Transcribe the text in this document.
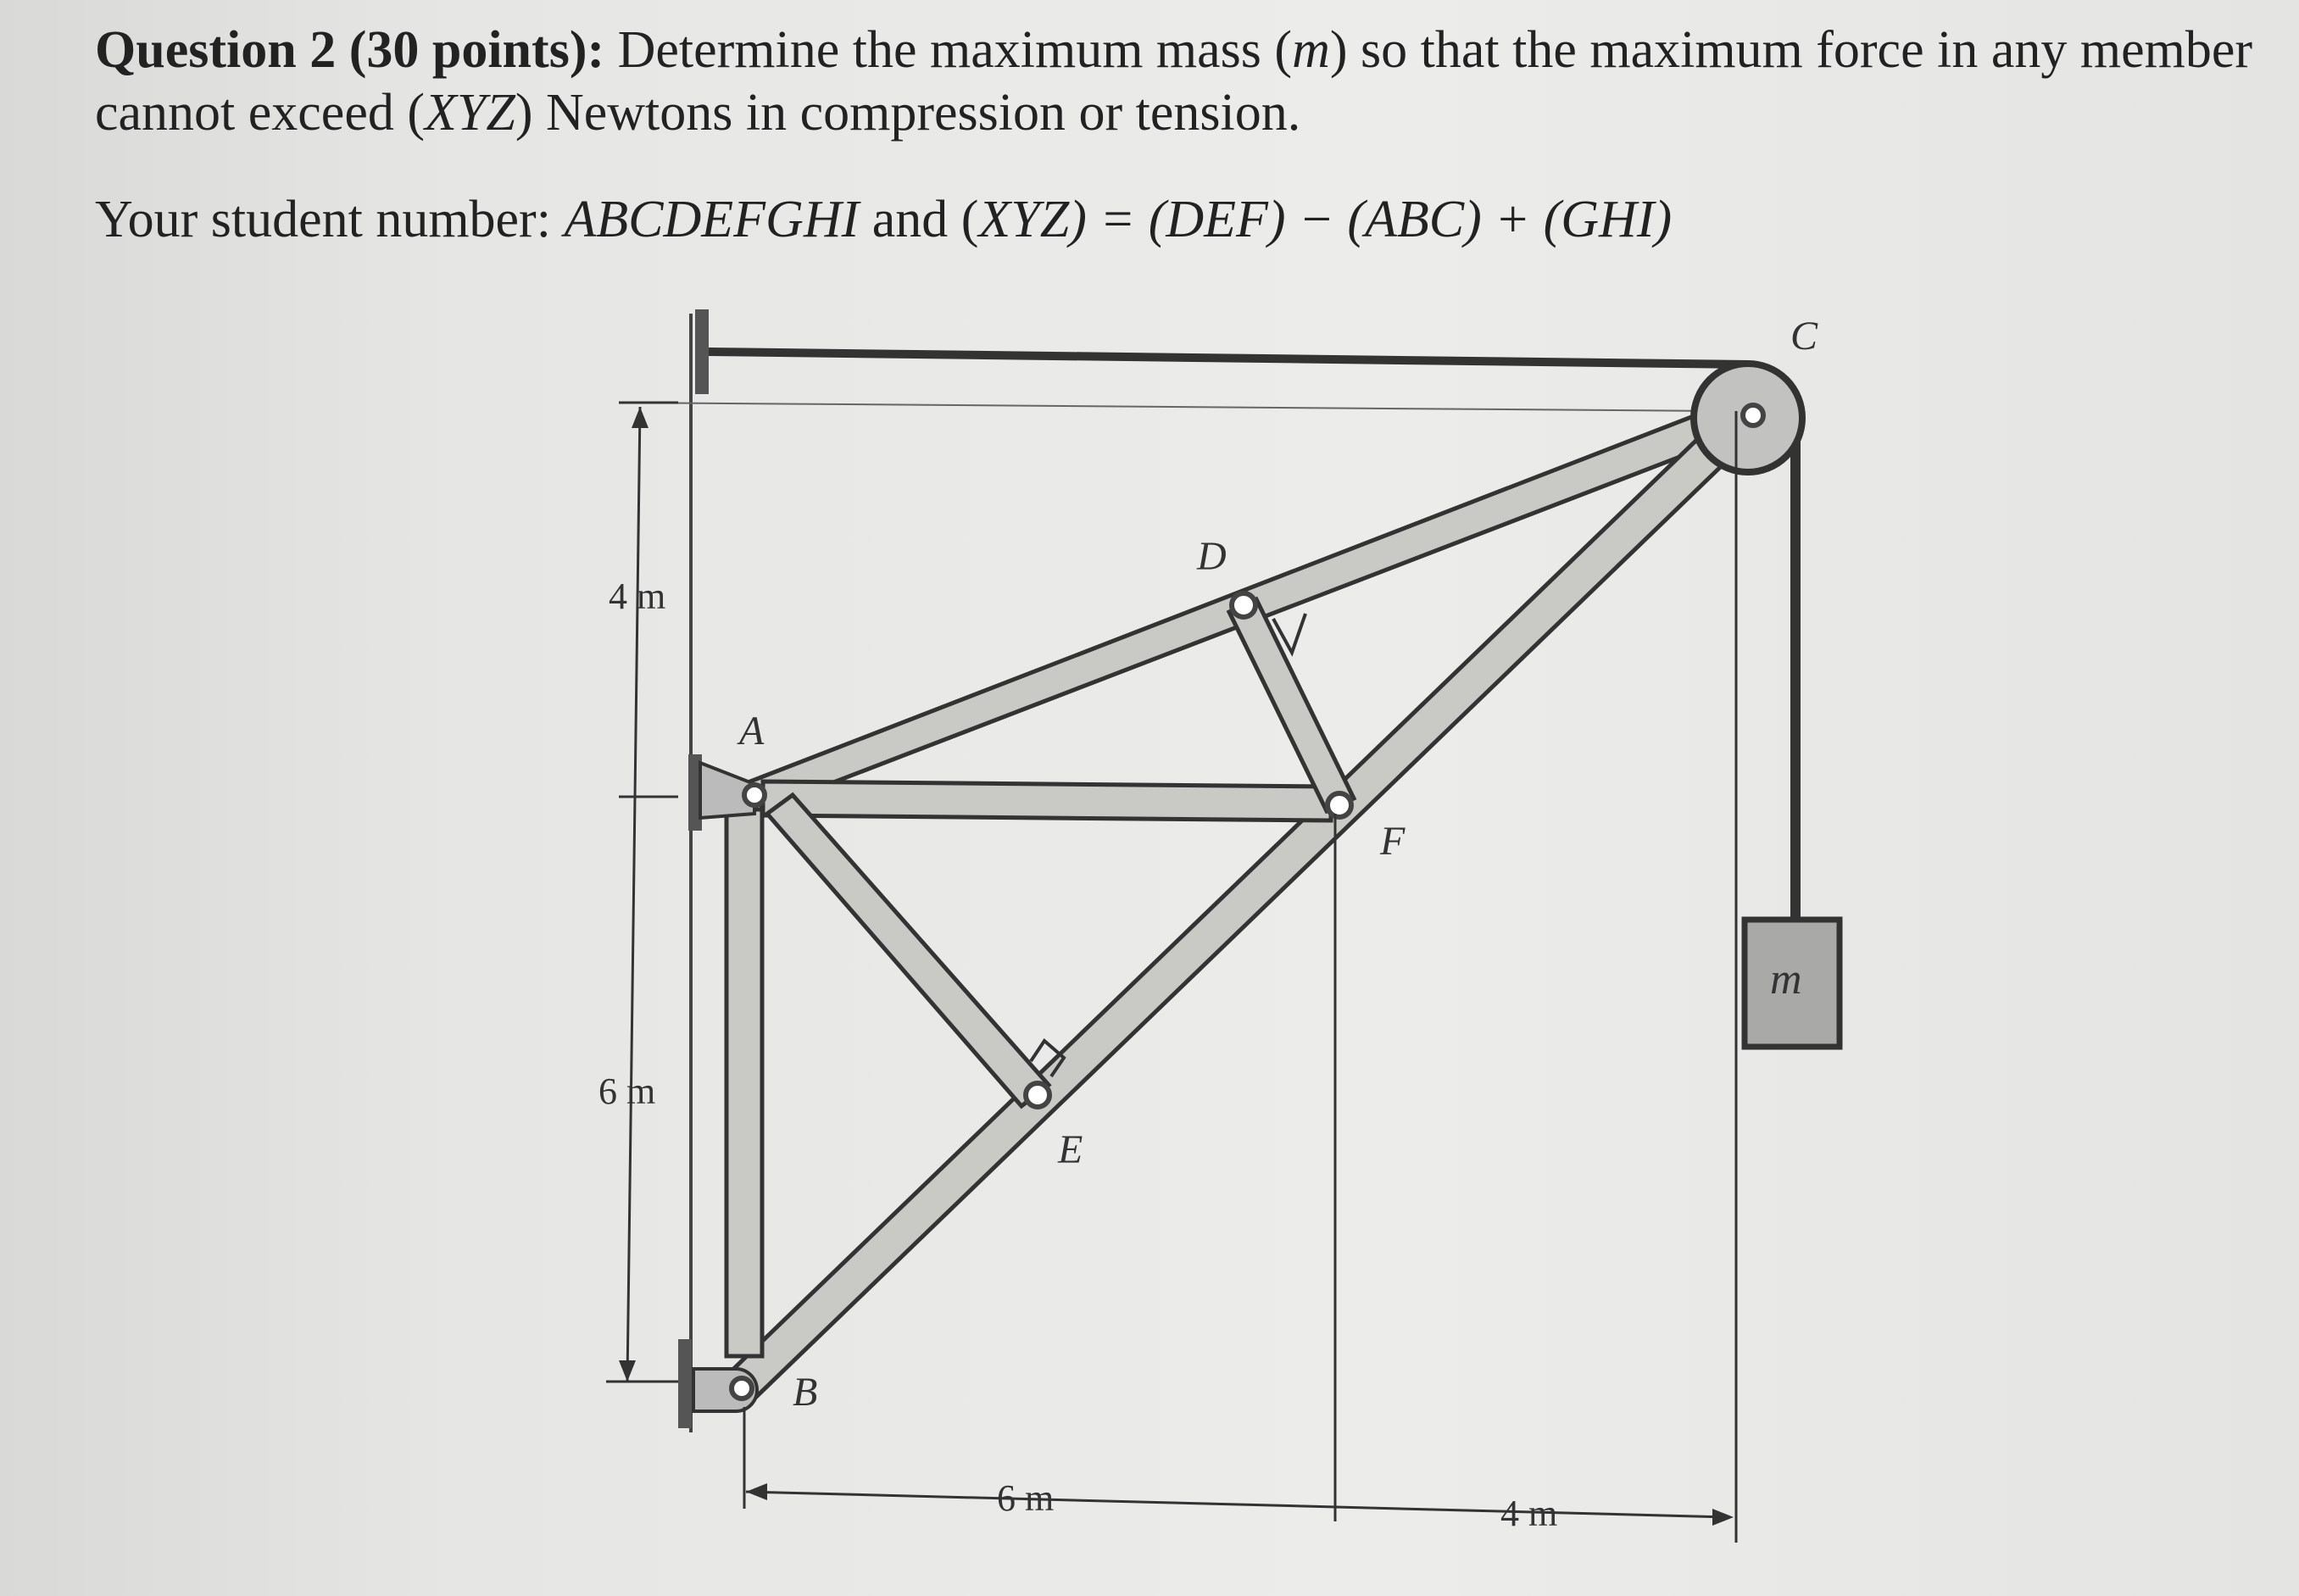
Question 2 (30 points): Determine the maximum mass (m) so that the maximum force in any member cannot exceed (XYZ) Newtons in compression or tension.
Your student number: ABCDEFGHI and (XYZ) = (DEF) − (ABC) + (GHI)
C
D
A
F
E
B
m
4 m
6 m
6 m	4 m
